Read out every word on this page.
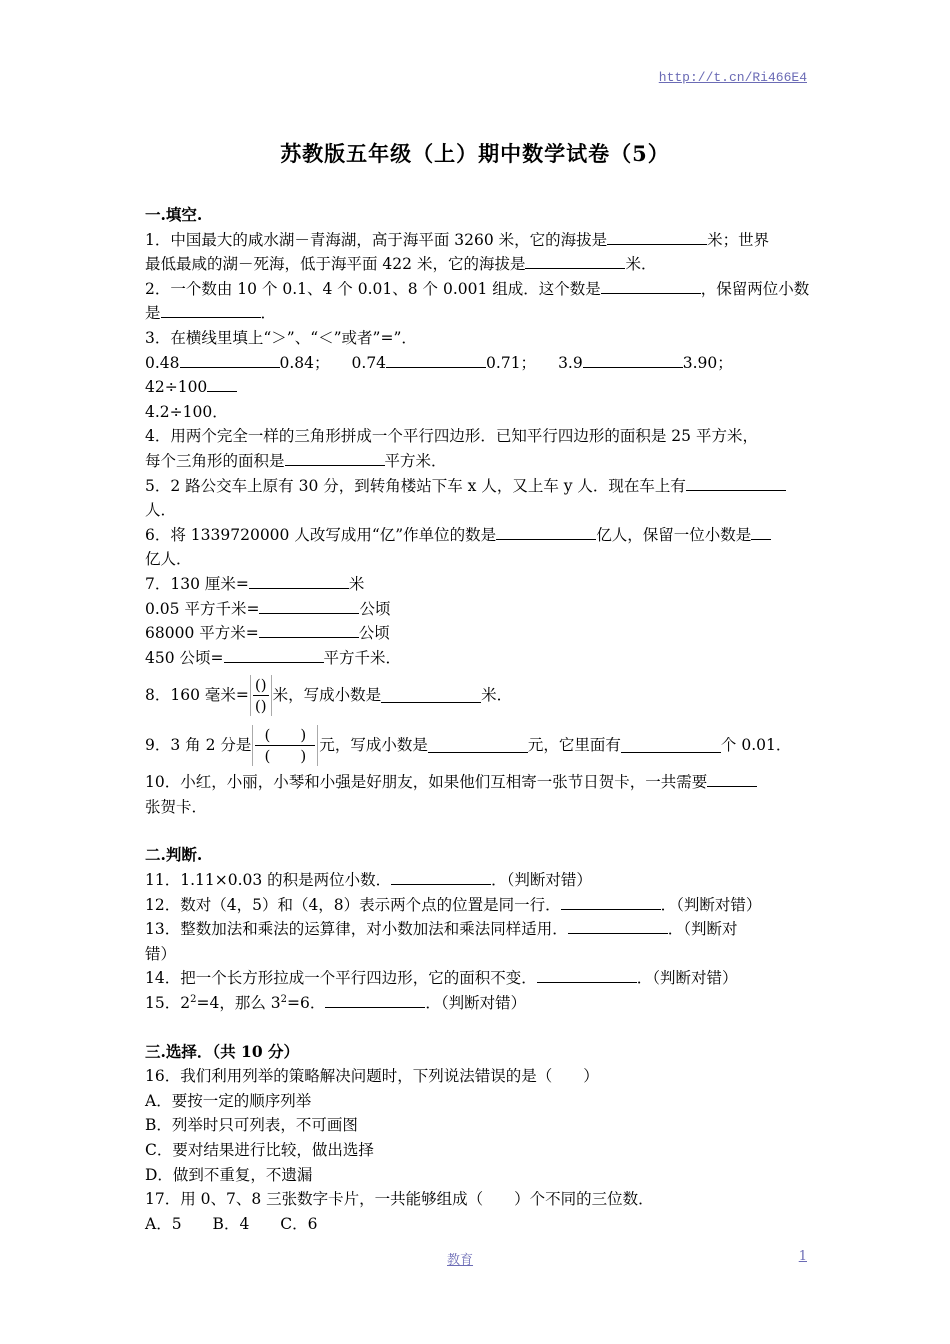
http://t.cn/Ri466E4
苏教版五年级（上）期中数学试卷（5）
一.填空.
1．中国最大的咸水湖－青海湖，高于海平面 3260 米，它的海拔是	米；世界
最低最咸的湖－死海，低于海平面 422 米，它的海拔是	米．
2．一个数由 10 个 0.1、4 个 0.01、8 个 0.001 组成．这个数是	，保留两位小数
是	．
3．在横线里填上“＞”、“＜”或者”=”．
0.48	0.84； 0.74	0.71； 3.9	3.90；42÷100
4.2÷100．
4．用两个完全一样的三角形拼成一个平行四边形．已知平行四边形的面积是 25 平方米，
每个三角形的面积是	平方米．
5．2 路公交车上原有 30 分，到转角楼站下车 x 人，又上车 y 人．现在车上有
人．
6．将 1339720000 人改写成用“亿”作单位的数是	亿人，保留一位小数是
亿人．
7．130 厘米=	米
0.05 平方千米=	公顷
68000 平方米=	公顷
450 公顷=	平方千米．
8．160 毫米= $\frac{()}{()}$ 米，写成小数是	米．
9．3 角 2 分是 $\frac{( )}{( )}$ 元，写成小数是	元，它里面有	个 0.01．
10．小红，小丽，小琴和小强是好朋友，如果他们互相寄一张节日贺卡，一共需要
张贺卡．
二.判断.
11．1.11×0.03 的积是两位小数．	．（判断对错）
12．数对（4，5）和（4，8）表示两个点的位置是同一行．	．（判断对错）
13．整数加法和乘法的运算律，对小数加法和乘法同样适用．	．（判断对
错）
14．把一个长方形拉成一个平行四边形，它的面积不变．	．（判断对错）
15．$2^2=4$，那么 $3^2=6$．	．（判断对错）
三.选择．（共 10 分）
16．我们利用列举的策略解决问题时，下列说法错误的是（　　）
A．要按一定的顺序列举
B．列举时只可列表，不可画图
C．要对结果进行比较，做出选择
D．做到不重复，不遗漏
17．用 0、7、8 三张数字卡片，一共能够组成（　　）个不同的三位数．
A．5　　B．4　　C．6
教育	1
